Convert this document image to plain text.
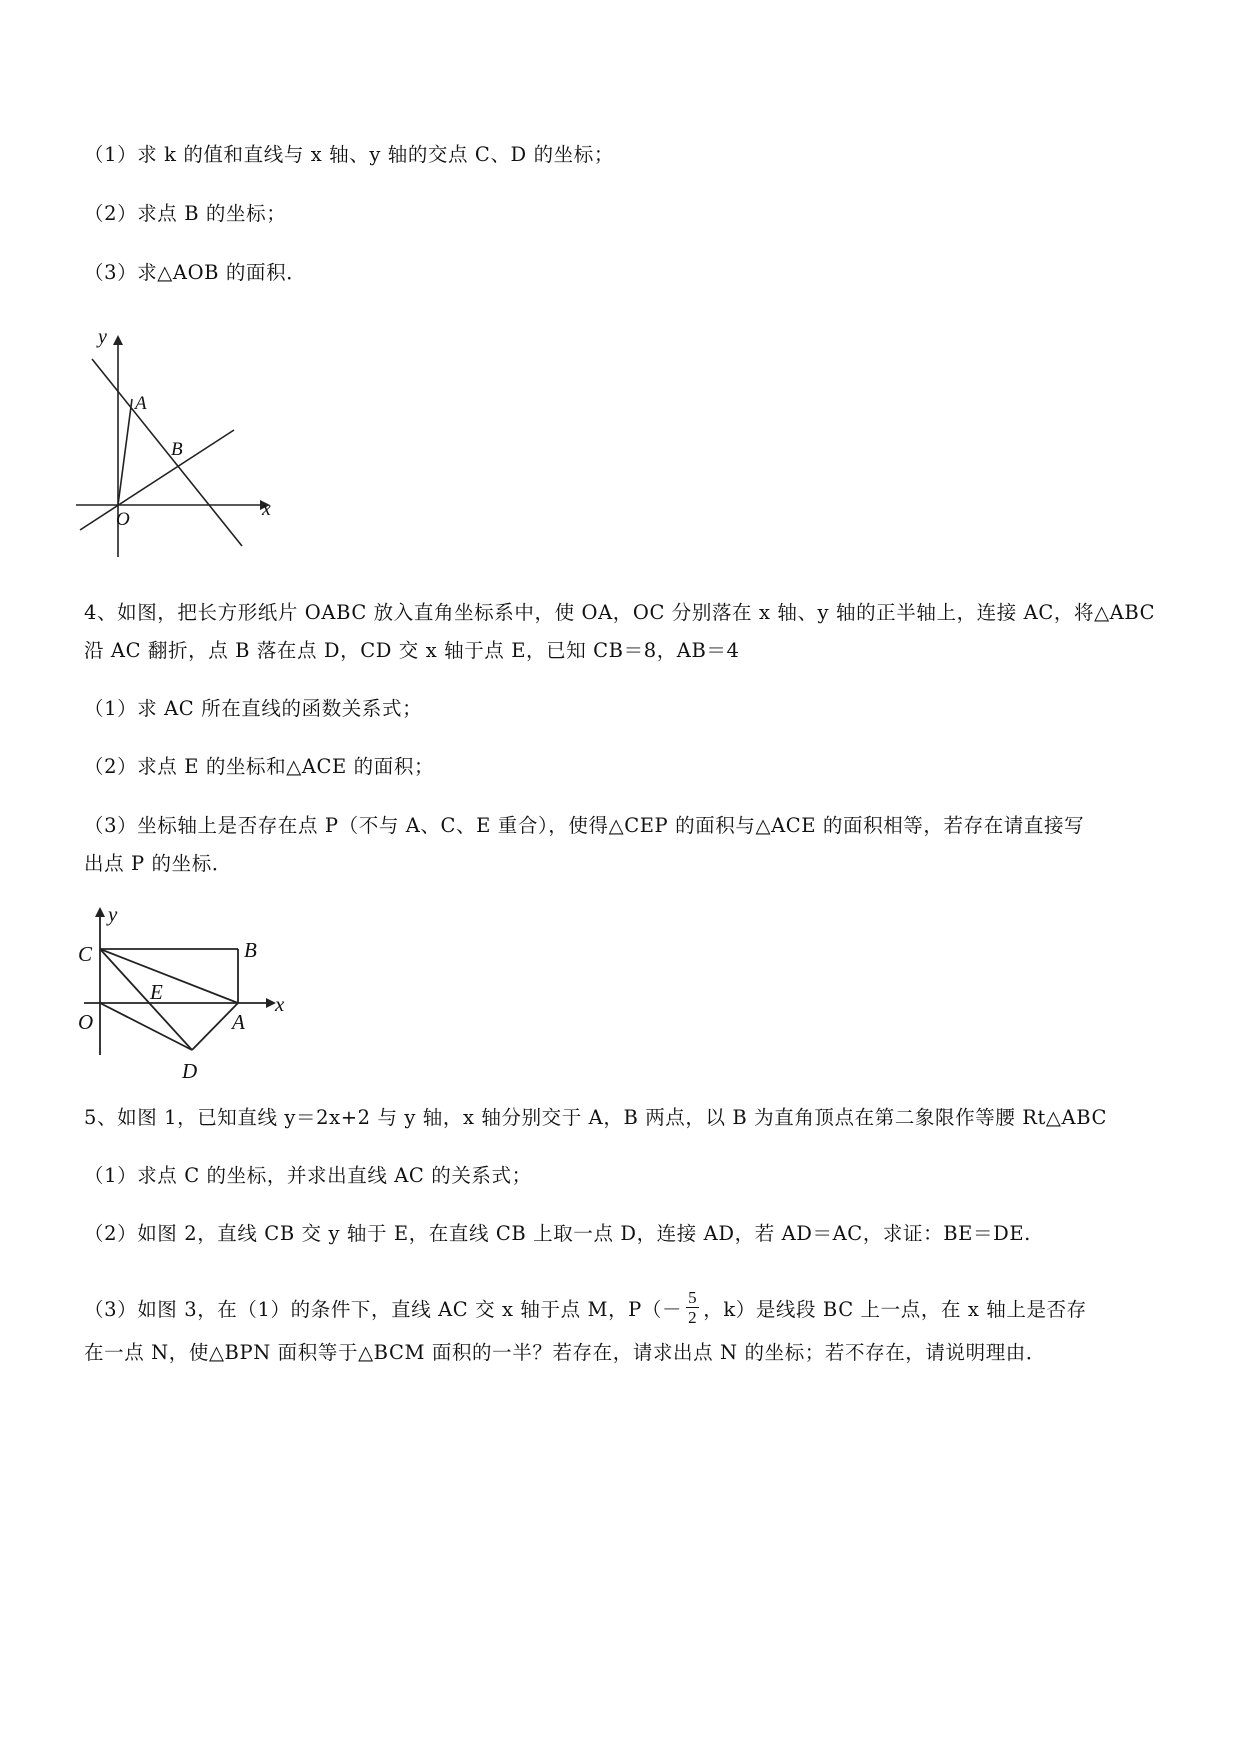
（1）求 k 的值和直线与 x 轴、y 轴的交点 C、D 的坐标；
（2）求点 B 的坐标；
（3）求△AOB 的面积．
y
x
A
B
O
4、如图，把长方形纸片 OABC 放入直角坐标系中，使 OA，OC 分别落在 x 轴、y 轴的正半轴上，连接 AC，将△ABC
沿 AC 翻折，点 B 落在点 D，CD 交 x 轴于点 E，已知 CB＝8，AB＝4
（1）求 AC 所在直线的函数关系式；
（2）求点 E 的坐标和△ACE 的面积；
（3）坐标轴上是否存在点 P（不与 A、C、E 重合），使得△CEP 的面积与△ACE 的面积相等，若存在请直接写
出点 P 的坐标．
y
x
C	B
E
O	A
D
5、如图 1，已知直线 y＝2x+2 与 y 轴，x 轴分别交于 A，B 两点，以 B 为直角顶点在第二象限作等腰 Rt△ABC
（1）求点 C 的坐标，并求出直线 AC 的关系式；
（2）如图 2，直线 CB 交 y 轴于 E，在直线 CB 上取一点 D，连接 AD，若 AD＝AC，求证：BE＝DE.
（3）如图 3，在（1）的条件下，直线 AC 交 x 轴于点 M，$P(- \frac{5}{2}$ ，k）是线段 BC 上一点，在 x 轴上是否存
在一点 N，使△BPN 面积等于△BCM 面积的一半？若存在，请求出点 N 的坐标；若不存在，请说明理由．
